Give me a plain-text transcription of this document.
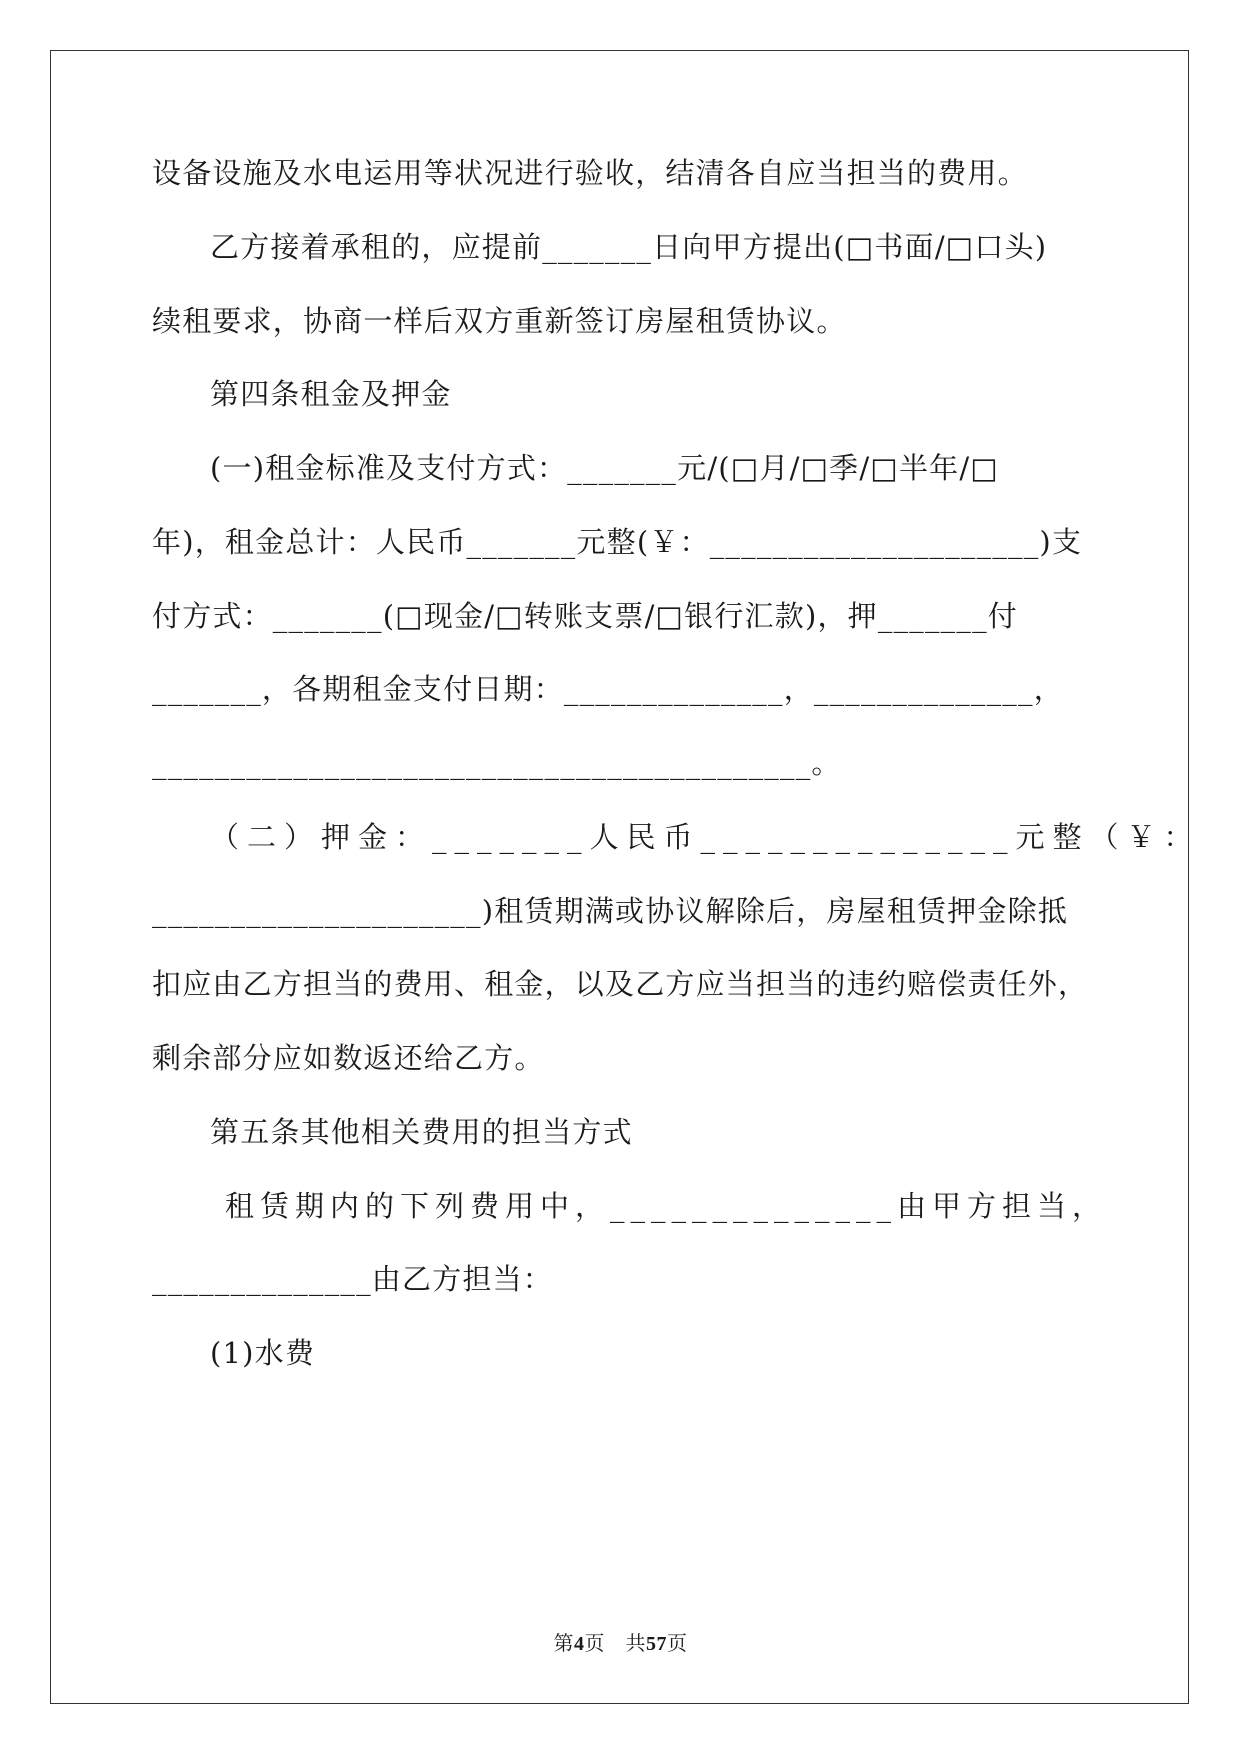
设备设施及水电运用等状况进行验收，结清各自应当担当的费用。
乙方接着承租的，应提前_______日向甲方提出(□书面/□口头)
续租要求，协商一样后双方重新签订房屋租赁协议。
第四条租金及押金
(一)租金标准及支付方式：_______元/(□月/□季/□半年/□
年)，租金总计：人民币_______元整(￥：_____________________)支
付方式：_______(□现金/□转账支票/□银行汇款)，押_______付
_______，各期租金支付日期：______________，______________，
__________________________________________。
（二）押金：_______人民币______________元整（￥：
_____________________)租赁期满或协议解除后，房屋租赁押金除抵
扣应由乙方担当的费用、租金，以及乙方应当担当的违约赔偿责任外，
剩余部分应如数返还给乙方。
第五条其他相关费用的担当方式
租赁期内的下列费用中，______________由甲方担当，
______________由乙方担当：
(1)水费
第4页　共57页
